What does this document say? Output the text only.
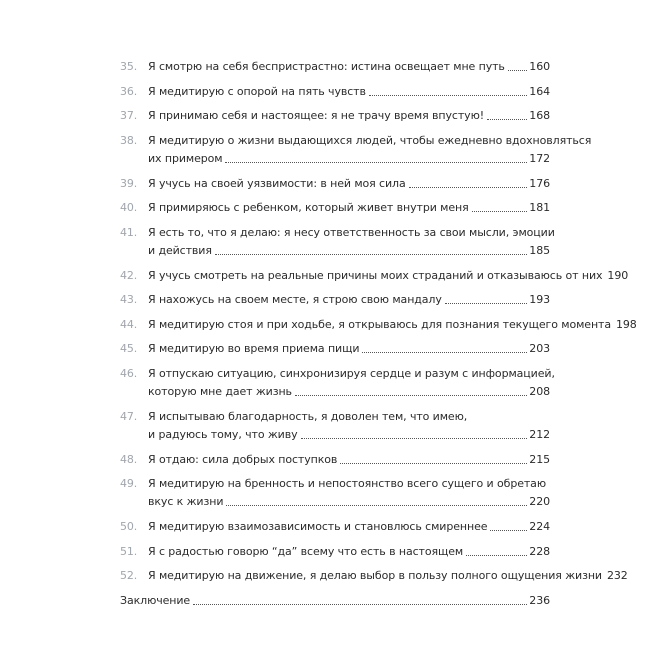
35. Я смотрю на себя беспристрастно: истина освещает мне путь 160
36. Я медитирую с опорой на пять чувств	164
37. Я принимаю себя и настоящее: я не трачу время впустую!	168
38. Я медитирую о жизни выдающихся людей, чтобы ежедневно вдохновляться
их примером	172
39. Я учусь на своей уязвимости: в ней моя сила	176
40. Я примиряюсь с ребенком, который живет внутри меня	181
41. Я есть то, что я делаю: я несу ответственность за свои мысли, эмоции
и действия	185
42. Я учусь смотреть на реальные причины моих страданий и отказываюсь от них 190
43. Я нахожусь на своем месте, я строю свою мандалу	193
44. Я медитирую стоя и при ходьбе, я открываюсь для познания текущего момента 198
45. Я медитирую во время приема пищи	203
46. Я отпускаю ситуацию, синхронизируя сердце и разум с информацией,
которую мне дает жизнь	208
47. Я испытываю благодарность, я доволен тем, что имею,
и радуюсь тому, что живу	212
48. Я отдаю: сила добрых поступков	215
49. Я медитирую на бренность и непостоянство всего сущего и обретаю
вкус к жизни	220
50. Я медитирую взаимозависимость и становлюсь смиреннее	224
51. Я с радостью говорю “да” всему что есть в настоящем	228
52. Я медитирую на движение, я делаю выбор в пользу полного ощущения жизни 232
Заключение	236
